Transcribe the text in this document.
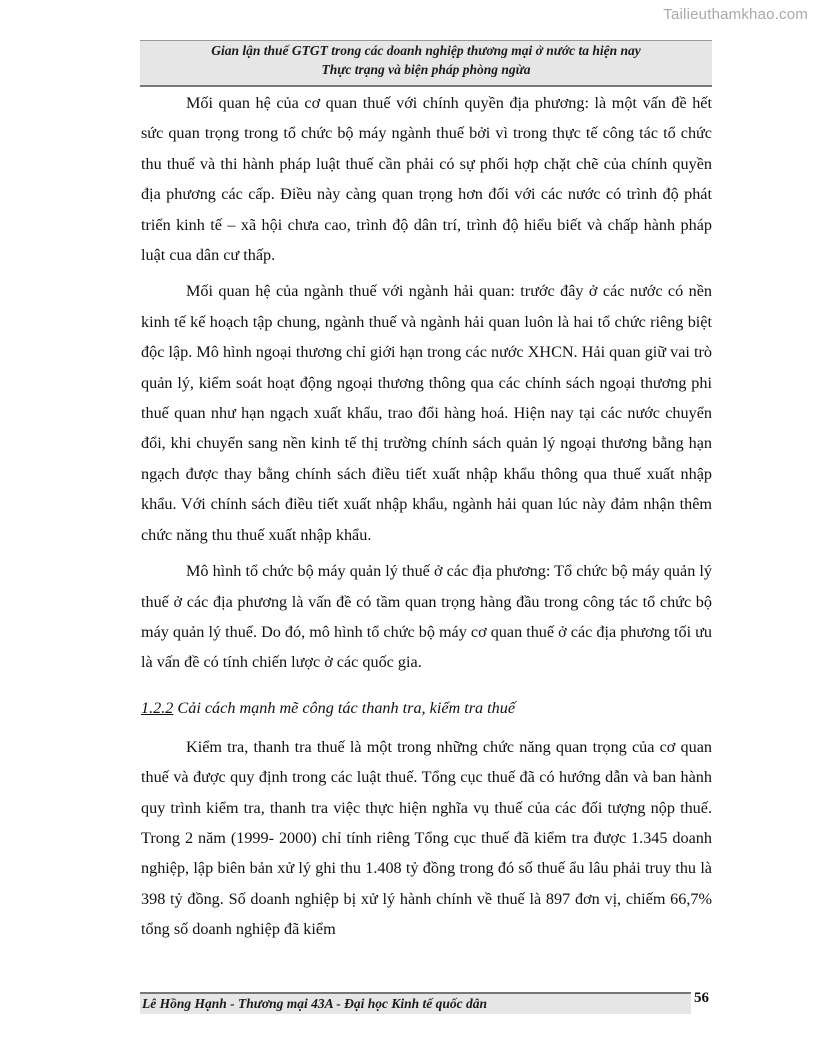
Tailieuthamkhao.com
Gian lận thuế GTGT trong các doanh nghiệp thương mại ở nước ta hiện nay
Thực trạng và biện pháp phòng ngừa

Mối quan hệ của cơ quan thuế với chính quyền địa phương: là một vấn đề hết sức quan trọng trong tổ chức bộ máy ngành thuế bởi vì trong thực tế công tác tổ chức thu thuế và thi hành pháp luật thuế cần phải có sự phối hợp chặt chẽ của chính quyền địa phương các cấp. Điều này càng quan trọng hơn đối với các nước có trình độ phát triển kinh tế – xã hội chưa cao, trình độ dân trí, trình độ hiểu biết và chấp hành pháp luật cua dân cư thấp.

Mối quan hệ của ngành thuế với ngành hải quan: trước đây ở các nước có nền kinh tế kế hoạch tập chung, ngành thuế và ngành hải quan luôn là hai tổ chức riêng biệt độc lập. Mô hình ngoại thương chỉ giới hạn trong các nước XHCN. Hải quan giữ vai trò quản lý, kiểm soát hoạt động ngoại thương thông qua các chính sách ngoại thương phi thuế quan như hạn ngạch xuất khẩu, trao đổi hàng hoá. Hiện nay tại các nước chuyển đổi, khi chuyển sang nền kinh tế thị trường chính sách quản lý ngoại thương bằng hạn ngạch được thay bằng chính sách điều tiết xuất nhập khẩu thông qua thuế xuất nhập khẩu. Với chính sách điều tiết xuất nhập khẩu, ngành hải quan lúc này đảm nhận thêm chức năng thu thuế xuất nhập khẩu.

Mô hình tổ chức bộ máy quản lý thuế ở các địa phương: Tổ chức bộ máy quản lý thuế ở các địa phương là vấn đề có tầm quan trọng hàng đầu trong công tác tổ chức bộ máy quản lý thuế. Do đó, mô hình tổ chức bộ máy cơ quan thuế ở các địa phương tối ưu là vấn đề có tính chiến lược ở các quốc gia.

1.2.2 Cải cách mạnh mẽ công tác thanh tra, kiểm tra thuế

Kiểm tra, thanh tra thuế là một trong những chức năng quan trọng của cơ quan thuế và được quy định trong các luật thuế. Tổng cục thuế đã có hướng dẫn và ban hành quy trình kiểm tra, thanh tra việc thực hiện nghĩa vụ thuế của các đối tượng nộp thuế. Trong 2 năm (1999- 2000) chỉ tính riêng Tổng cục thuế đã kiểm tra được 1.345 doanh nghiệp, lập biên bản xử lý ghi thu 1.408 tỷ đồng trong đó số thuế ẩu lâu phải truy thu là 398 tỷ đồng. Số doanh nghiệp bị xử lý hành chính về thuế là 897 đơn vị, chiếm 66,7% tổng số doanh nghiệp đã kiểm

Lê Hồng Hạnh - Thương mại 43A - Đại học Kinh tế quốc dân	56
